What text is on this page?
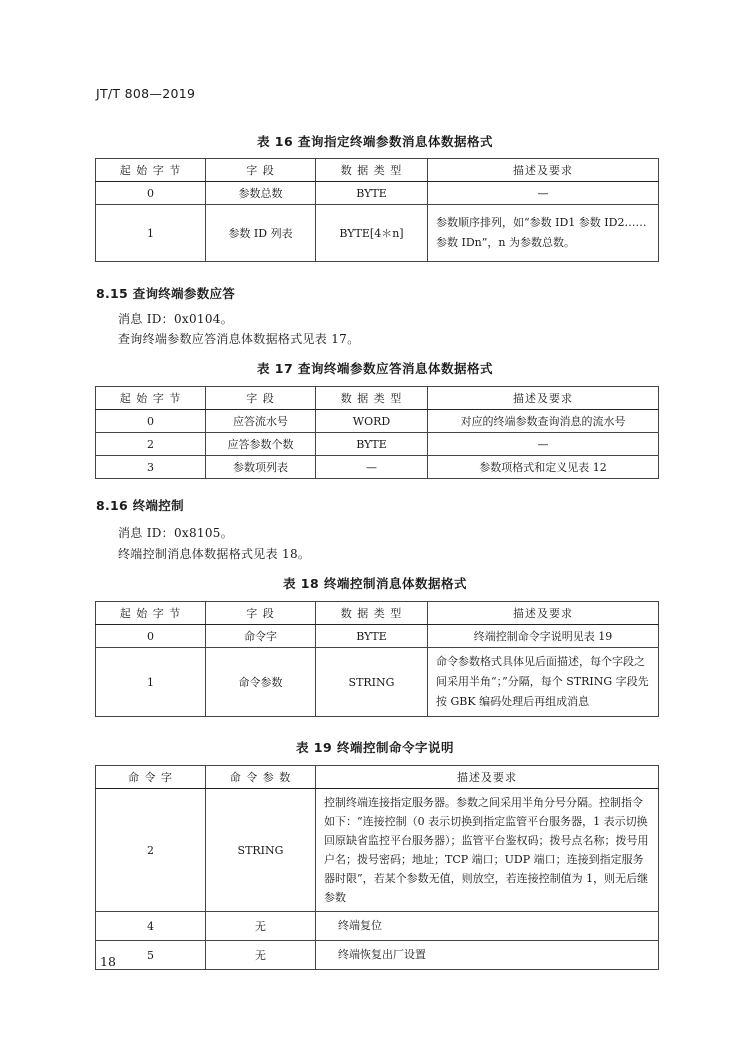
JT/T 808—2019
表 16 查询指定终端参数消息体数据格式
起 始 字 节	字 段	数 据 类 型	描述及要求
0	参数总数	BYTE	—
1	参数 ID 列表	BYTE[4＊n]	参数顺序排列，如“参数 ID1 参数 ID2……参数 IDn”，n 为参数总数。
8.15 查询终端参数应答
消息 ID：0x0104。
查询终端参数应答消息体数据格式见表 17。
表 17 查询终端参数应答消息体数据格式
起 始 字 节	字 段	数 据 类 型	描述及要求
0	应答流水号	WORD	对应的终端参数查询消息的流水号
2	应答参数个数	BYTE	—
3	参数项列表	—	参数项格式和定义见表 12
8.16 终端控制
消息 ID：0x8105。
终端控制消息体数据格式见表 18。
表 18 终端控制消息体数据格式
起 始 字 节	字 段	数 据 类 型	描述及要求
0	命令字	BYTE	终端控制命令字说明见表 19
1	命令参数	STRING	命令参数格式具体见后面描述，每个字段之间采用半角“；”分隔，每个 STRING 字段先按 GBK 编码处理后再组成消息
表 19 终端控制命令字说明
命 令 字	命 令 参 数	描述及要求
2	STRING	控制终端连接指定服务器。参数之间采用半角分号分隔。控制指令如下：“连接控制（0 表示切换到指定监管平台服务器，1 表示切换回原缺省监控平台服务器）；监管平台鉴权码；拨号点名称；拨号用户名；拨号密码；地址；TCP 端口；UDP 端口；连接到指定服务器时限”，若某个参数无值，则放空，若连接控制值为 1，则无后继参数
4	无	终端复位
5	无	终端恢复出厂设置
18
